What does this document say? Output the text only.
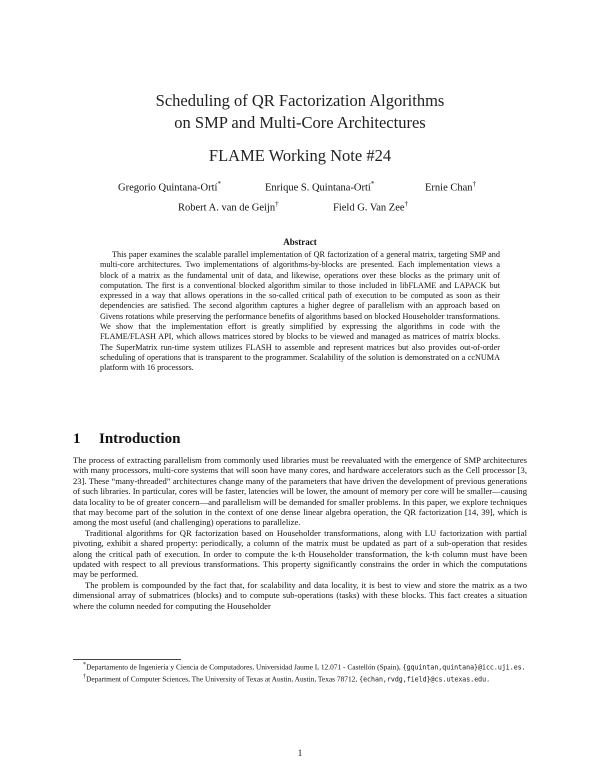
Scheduling of QR Factorization Algorithms
on SMP and Multi-Core Architectures
FLAME Working Note #24
Gregorio Quintana-Ortí*	Enrique S. Quintana-Ortí*	Ernie Chan†
Robert A. van de Geijn†	Field G. Van Zee†
Abstract
This paper examines the scalable parallel implementation of QR factorization of a general matrix, targeting SMP and multi-core architectures. Two implementations of algorithms-by-blocks are presented. Each implementation views a block of a matrix as the fundamental unit of data, and likewise, operations over these blocks as the primary unit of computation. The first is a conventional blocked algorithm similar to those included in libFLAME and LAPACK but expressed in a way that allows operations in the so-called critical path of execution to be computed as soon as their dependencies are satisfied. The second algorithm captures a higher degree of parallelism with an approach based on Givens rotations while preserving the performance benefits of algorithms based on blocked Householder transformations. We show that the implementation effort is greatly simplified by expressing the algorithms in code with the FLAME/FLASH API, which allows matrices stored by blocks to be viewed and managed as matrices of matrix blocks. The SuperMatrix run-time system utilizes FLASH to assemble and represent matrices but also provides out-of-order scheduling of operations that is transparent to the programmer. Scalability of the solution is demonstrated on a ccNUMA platform with 16 processors.
1 Introduction

The process of extracting parallelism from commonly used libraries must be reevaluated with the emergence of SMP architectures with many processors, multi-core systems that will soon have many cores, and hardware accelerators such as the Cell processor [3, 23]. These “many-threaded” architectures change many of the parameters that have driven the development of previous generations of such libraries. In particular, cores will be faster, latencies will be lower, the amount of memory per core will be smaller—causing data locality to be of greater concern—and parallelism will be demanded for smaller problems. In this paper, we explore techniques that may become part of the solution in the context of one dense linear algebra operation, the QR factorization [14, 39], which is among the most useful (and challenging) operations to parallelize.

Traditional algorithms for QR factorization based on Householder transformations, along with LU factorization with partial pivoting, exhibit a shared property: periodically, a column of the matrix must be updated as part of a sub-operation that resides along the critical path of execution. In order to compute the k-th Householder transformation, the k-th column must have been updated with respect to all previous transformations. This property significantly constrains the order in which the computations may be performed.

The problem is compounded by the fact that, for scalability and data locality, it is best to view and store the matrix as a two dimensional array of submatrices (blocks) and to compute sub-operations (tasks) with these blocks. This fact creates a situation where the column needed for computing the Householder

*Departamento de Ingeniería y Ciencia de Computadores, Universidad Jaume I, 12.071 - Castellón (Spain), {gquintan,quintana}@icc.uji.es.

†Department of Computer Sciences, The University of Texas at Austin, Austin, Texas 78712, {echan,rvdg,field}@cs.utexas.edu.

1
